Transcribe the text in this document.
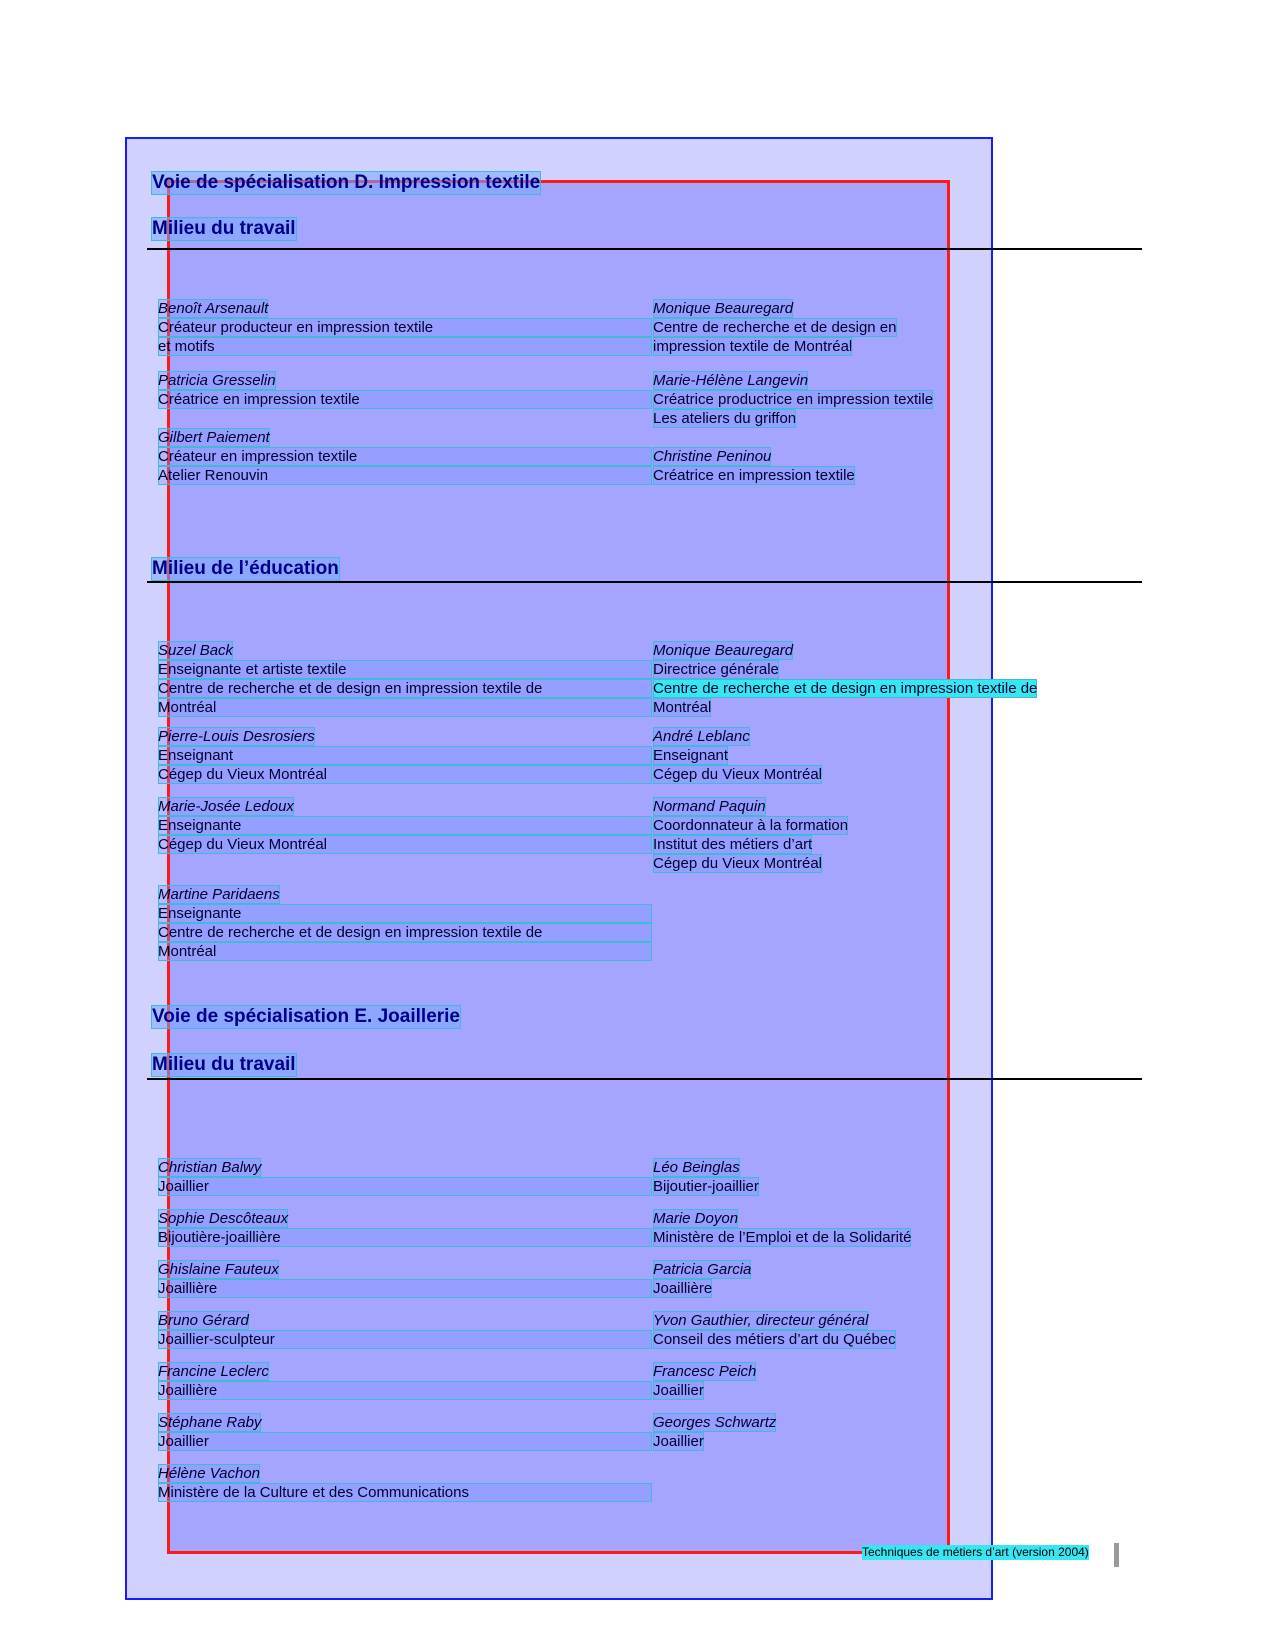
Voie de spécialisation D. Impression textile
Milieu du travail
Benoît Arsenault
Créateur producteur en impression textile
et motifs
Patricia Gresselin
Créatrice en impression textile
Gilbert Paiement
Créateur en impression textile
Atelier Renouvin
Monique Beauregard
Centre de recherche et de design en
impression textile de Montréal
Marie-Hélène Langevin
Créatrice productrice en impression textile
Les ateliers du griffon
Christine Peninou
Créatrice en impression textile
Milieu de l’éducation
Suzel Back
Enseignante et artiste textile
Centre de recherche et de design en impression textile de
Montréal
Pierre-Louis Desrosiers
Enseignant
Cégep du Vieux Montréal
Marie-Josée Ledoux
Enseignante
Cégep du Vieux Montréal
Martine Paridaens
Enseignante
Centre de recherche et de design en impression textile de
Montréal
Monique Beauregard
Directrice générale
Centre de recherche et de design en impression textile de
Montréal
André Leblanc
Enseignant
Cégep du Vieux Montréal
Normand Paquin
Coordonnateur à la formation
Institut des métiers d’art
Cégep du Vieux Montréal
Voie de spécialisation E. Joaillerie
Milieu du travail
Christian Balwy
Joaillier
Sophie Descôteaux
Bijoutière-joaillière
Ghislaine Fauteux
Joaillière
Bruno Gérard
Joaillier-sculpteur
Francine Leclerc
Joaillière
Stéphane Raby
Joaillier
Hélène Vachon
Ministère de la Culture et des Communications
Léo Beinglas
Bijoutier-joaillier
Marie Doyon
Ministère de l’Emploi et de la Solidarité
Patricia Garcia
Joaillière
Yvon Gauthier, directeur général
Conseil des métiers d’art du Québec
Francesc Peich
Joaillier
Georges Schwartz
Joaillier
Techniques de métiers d’art (version 2004)
